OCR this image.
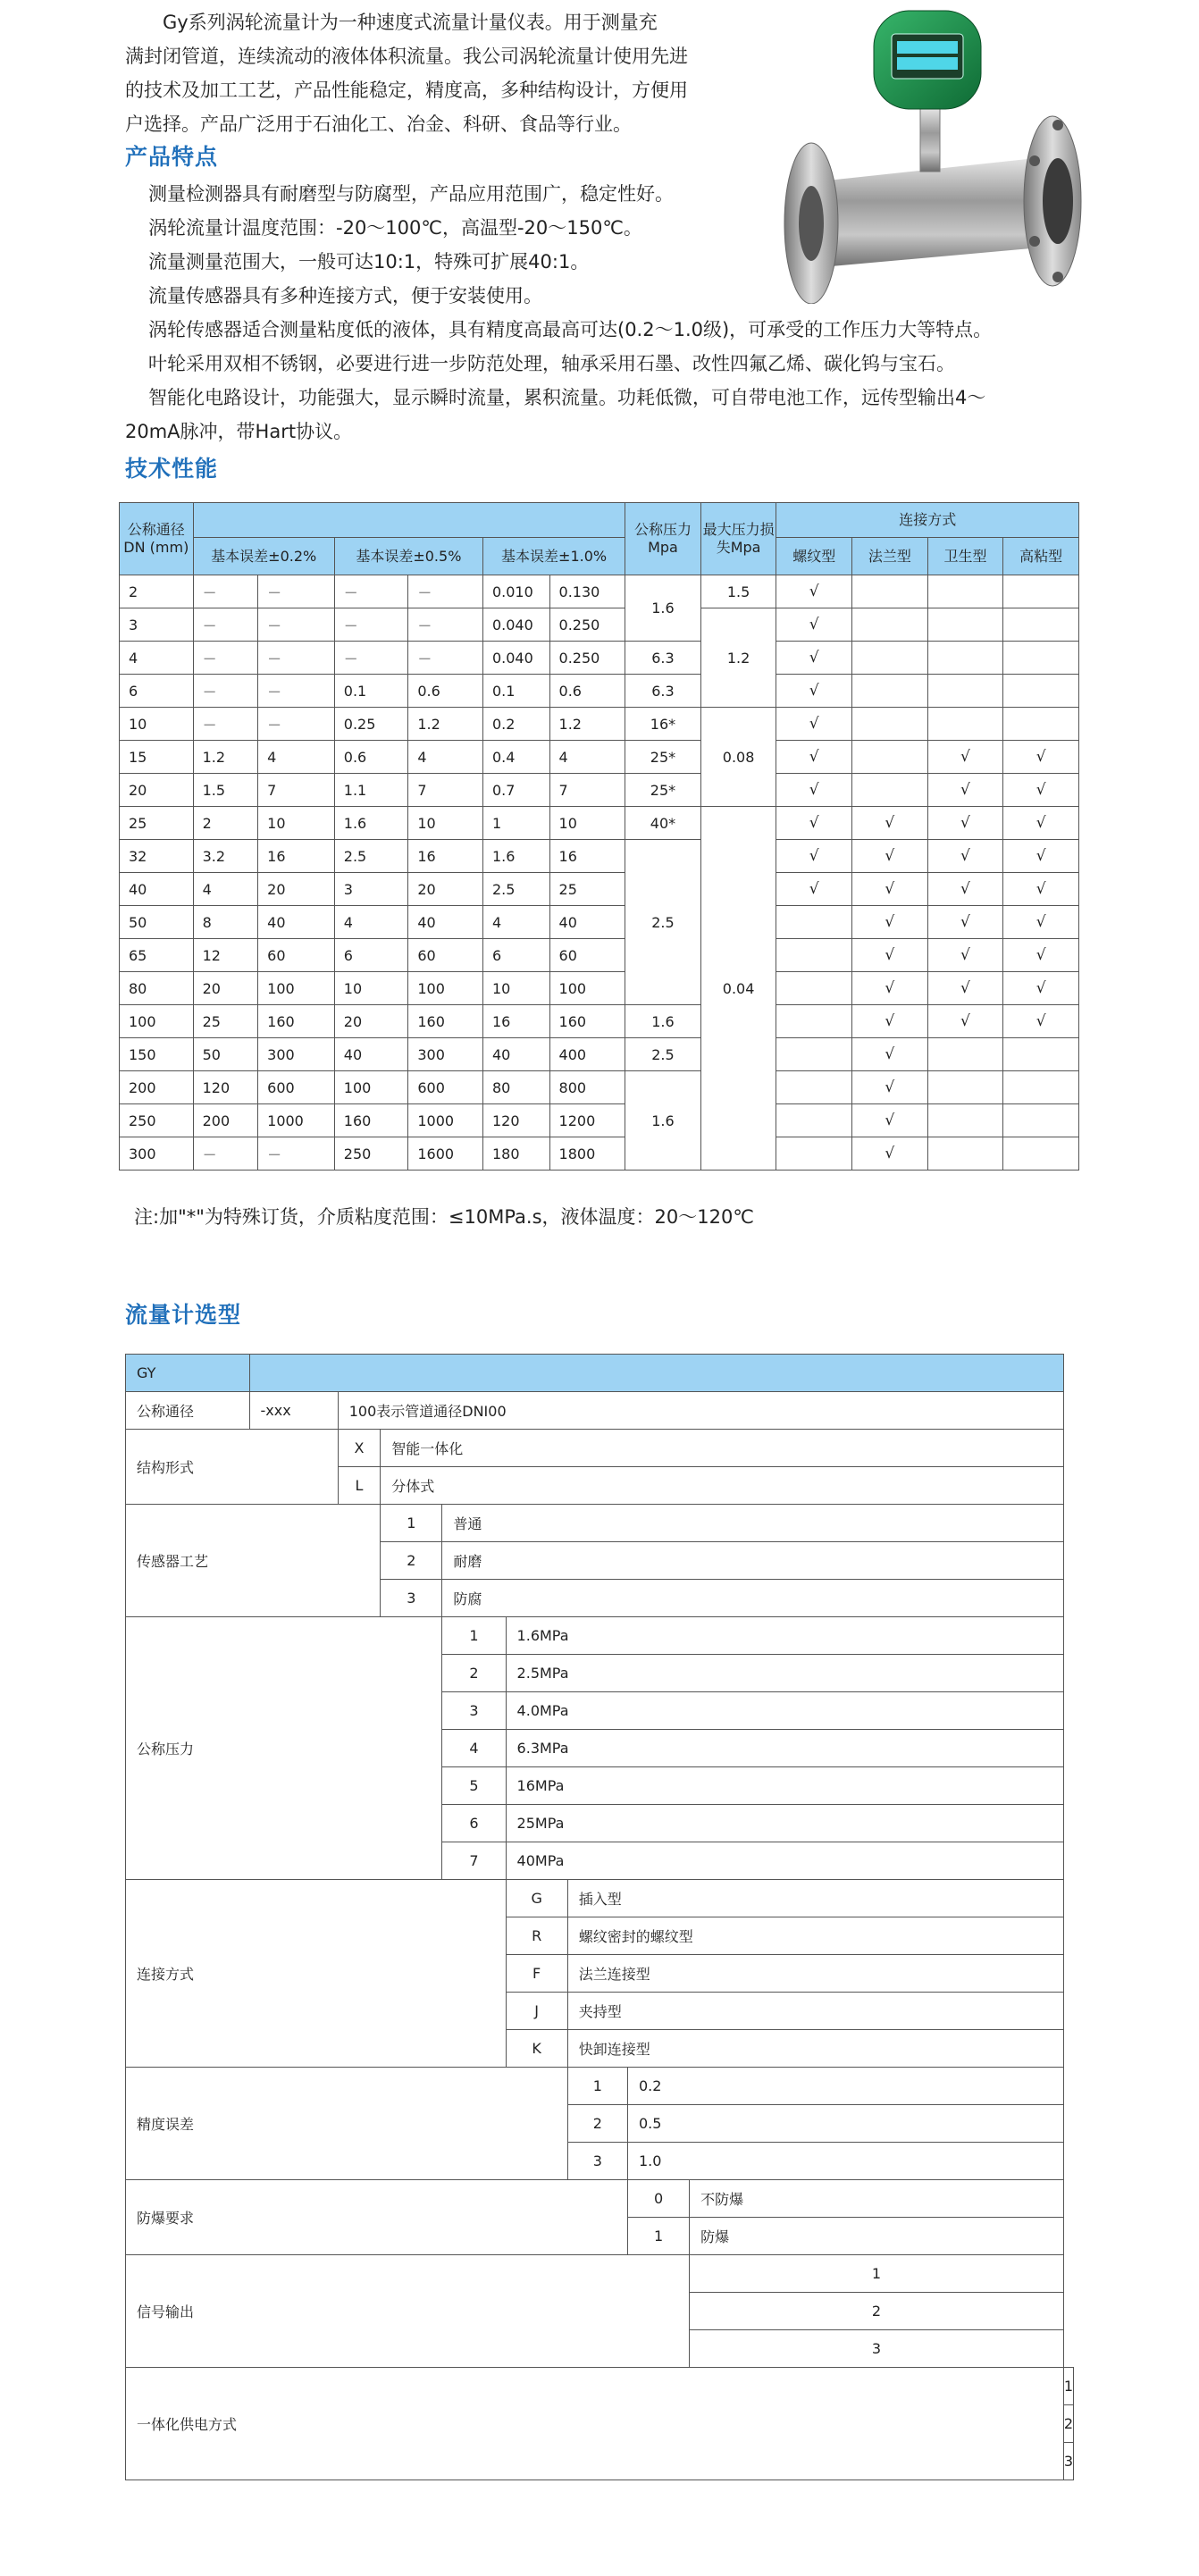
Gy系列涡轮流量计为一种速度式流量计量仪表。用于测量充

满封闭管道，连续流动的液体体积流量。我公司涡轮流量计使用先进

的技术及加工工艺，产品性能稳定，精度高，多种结构设计，方便用

户选择。产品广泛用于石油化工、冶金、科研、食品等行业。

产品特点

测量检测器具有耐磨型与防腐型，产品应用范围广，稳定性好。

涡轮流量计温度范围：-20～100℃，高温型-20～150℃。

流量测量范围大，一般可达10:1，特殊可扩展40:1。

流量传感器具有多种连接方式，便于安装使用。

涡轮传感器适合测量粘度低的液体，具有精度高最高可达(0.2～1.0级)，可承受的工作压力大等特点。

叶轮采用双相不锈钢，必要进行进一步防范处理，轴承采用石墨、改性四氟乙烯、碳化钨与宝石。

智能化电路设计，功能强大，显示瞬时流量，累积流量。功耗低微，可自带电池工作，远传型输出4～

20mA脉冲，带Hart协议。

技术性能
公称通径DN (mm)							公称压力Mpa	最大压力损失Mpa	连接方式			
	基本误差±0.2%		基本误差±0.5%		基本误差±1.0%				螺纹型	法兰型	卫生型	高粘型
2	－	－	－	－	0.010	0.130	1.6	1.5	√			
3	－	－	－	－	0.040	0.250		1.2	√			
4	－	－	－	－	0.040	0.250	6.3		√			
6	－	－	0.1	0.6	0.1	0.6	6.3		√			
10	－	－	0.25	1.2	0.2	1.2	16*	0.08	√			
15	1.2	4	0.6	4	0.4	4	25*		√		√	√
20	1.5	7	1.1	7	0.7	7	25*		√		√	√
25	2	10	1.6	10	1	10	40*	0.04	√	√	√	√
32	3.2	16	2.5	16	1.6	16	2.5		√	√	√	√
40	4	20	3	20	2.5	25			√	√	√	√
50	8	40	4	40	4	40				√	√	√
65	12	60	6	60	6	60				√	√	√
80	20	100	10	100	10	100				√	√	√
100	25	160	20	160	16	160	1.6			√	√	√
150	50	300	40	300	40	400	2.5			√		
200	120	600	100	600	80	800	1.6			√		
250	200	1000	160	1000	120	1200				√		
300	－	－	250	1600	180	1800				√		
注:加"*"为特殊订货，介质粘度范围：≤10MPa.s，液体温度：20～120℃
流量计选型
GY									
公称通径	-xxx	100表示管道通径DNI00							
结构形式		X	智能一体化						
		L	分体式						
传感器工艺			1	普通					
			2	耐磨					
			3	防腐					
公称压力				1	1.6MPa				
				2	2.5MPa				
				3	4.0MPa				
				4	6.3MPa				
				5	16MPa				
				6	25MPa				
				7	40MPa				
连接方式					G	插入型			
					R	螺纹密封的螺纹型			
					F	法兰连接型			
					J	夹持型			
					K	快卸连接型			
精度误差						1	0.2		
						2	0.5		
						3	1.0		
防爆要求							0	不防爆	
							1	防爆	
信号输出								1	
								2	
								3	
一体化供电方式									1
									2
									3
